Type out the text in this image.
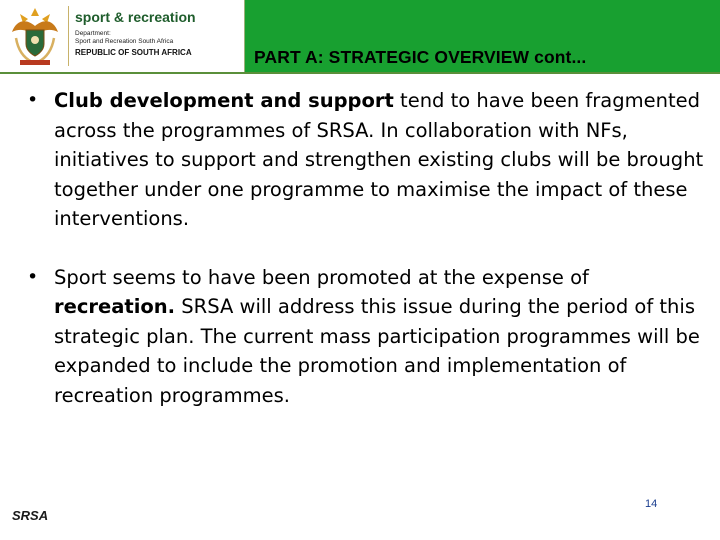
sport & recreation

Department:

Sport and Recreation South Africa

REPUBLIC OF SOUTH AFRICA	PART A: STRATEGIC OVERVIEW cont...
• Club development and support tend to have been fragmented across the programmes of SRSA. In collaboration with NFs, initiatives to support and strengthen existing clubs will be brought together under one programme to maximise the impact of these interventions.
• Sport seems to have been promoted at the expense of recreation. SRSA will address this issue during the period of this strategic plan. The current mass participation programmes will be expanded to include the promotion and implementation of recreation programmes.

SRSA

14
